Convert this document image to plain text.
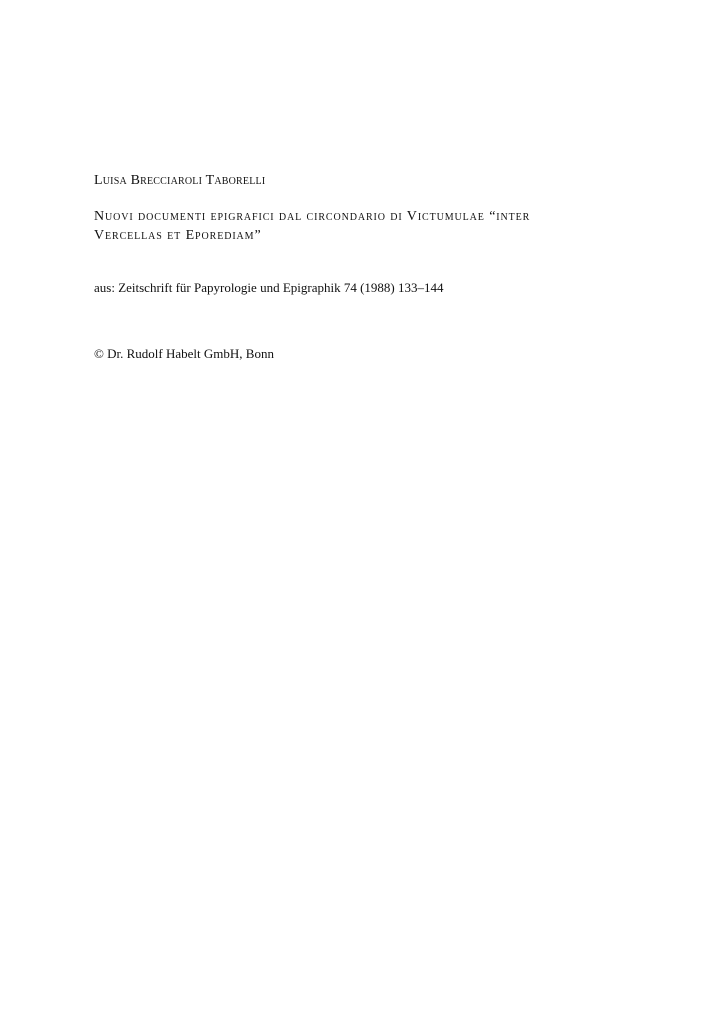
Luisa Brecciaroli Taborelli
Nuovi documenti epigrafici dal circondario di Victumulae “inter
Vercellas et Eporediam”
aus: Zeitschrift für Papyrologie und Epigraphik 74 (1988) 133–144
© Dr. Rudolf Habelt GmbH, Bonn
